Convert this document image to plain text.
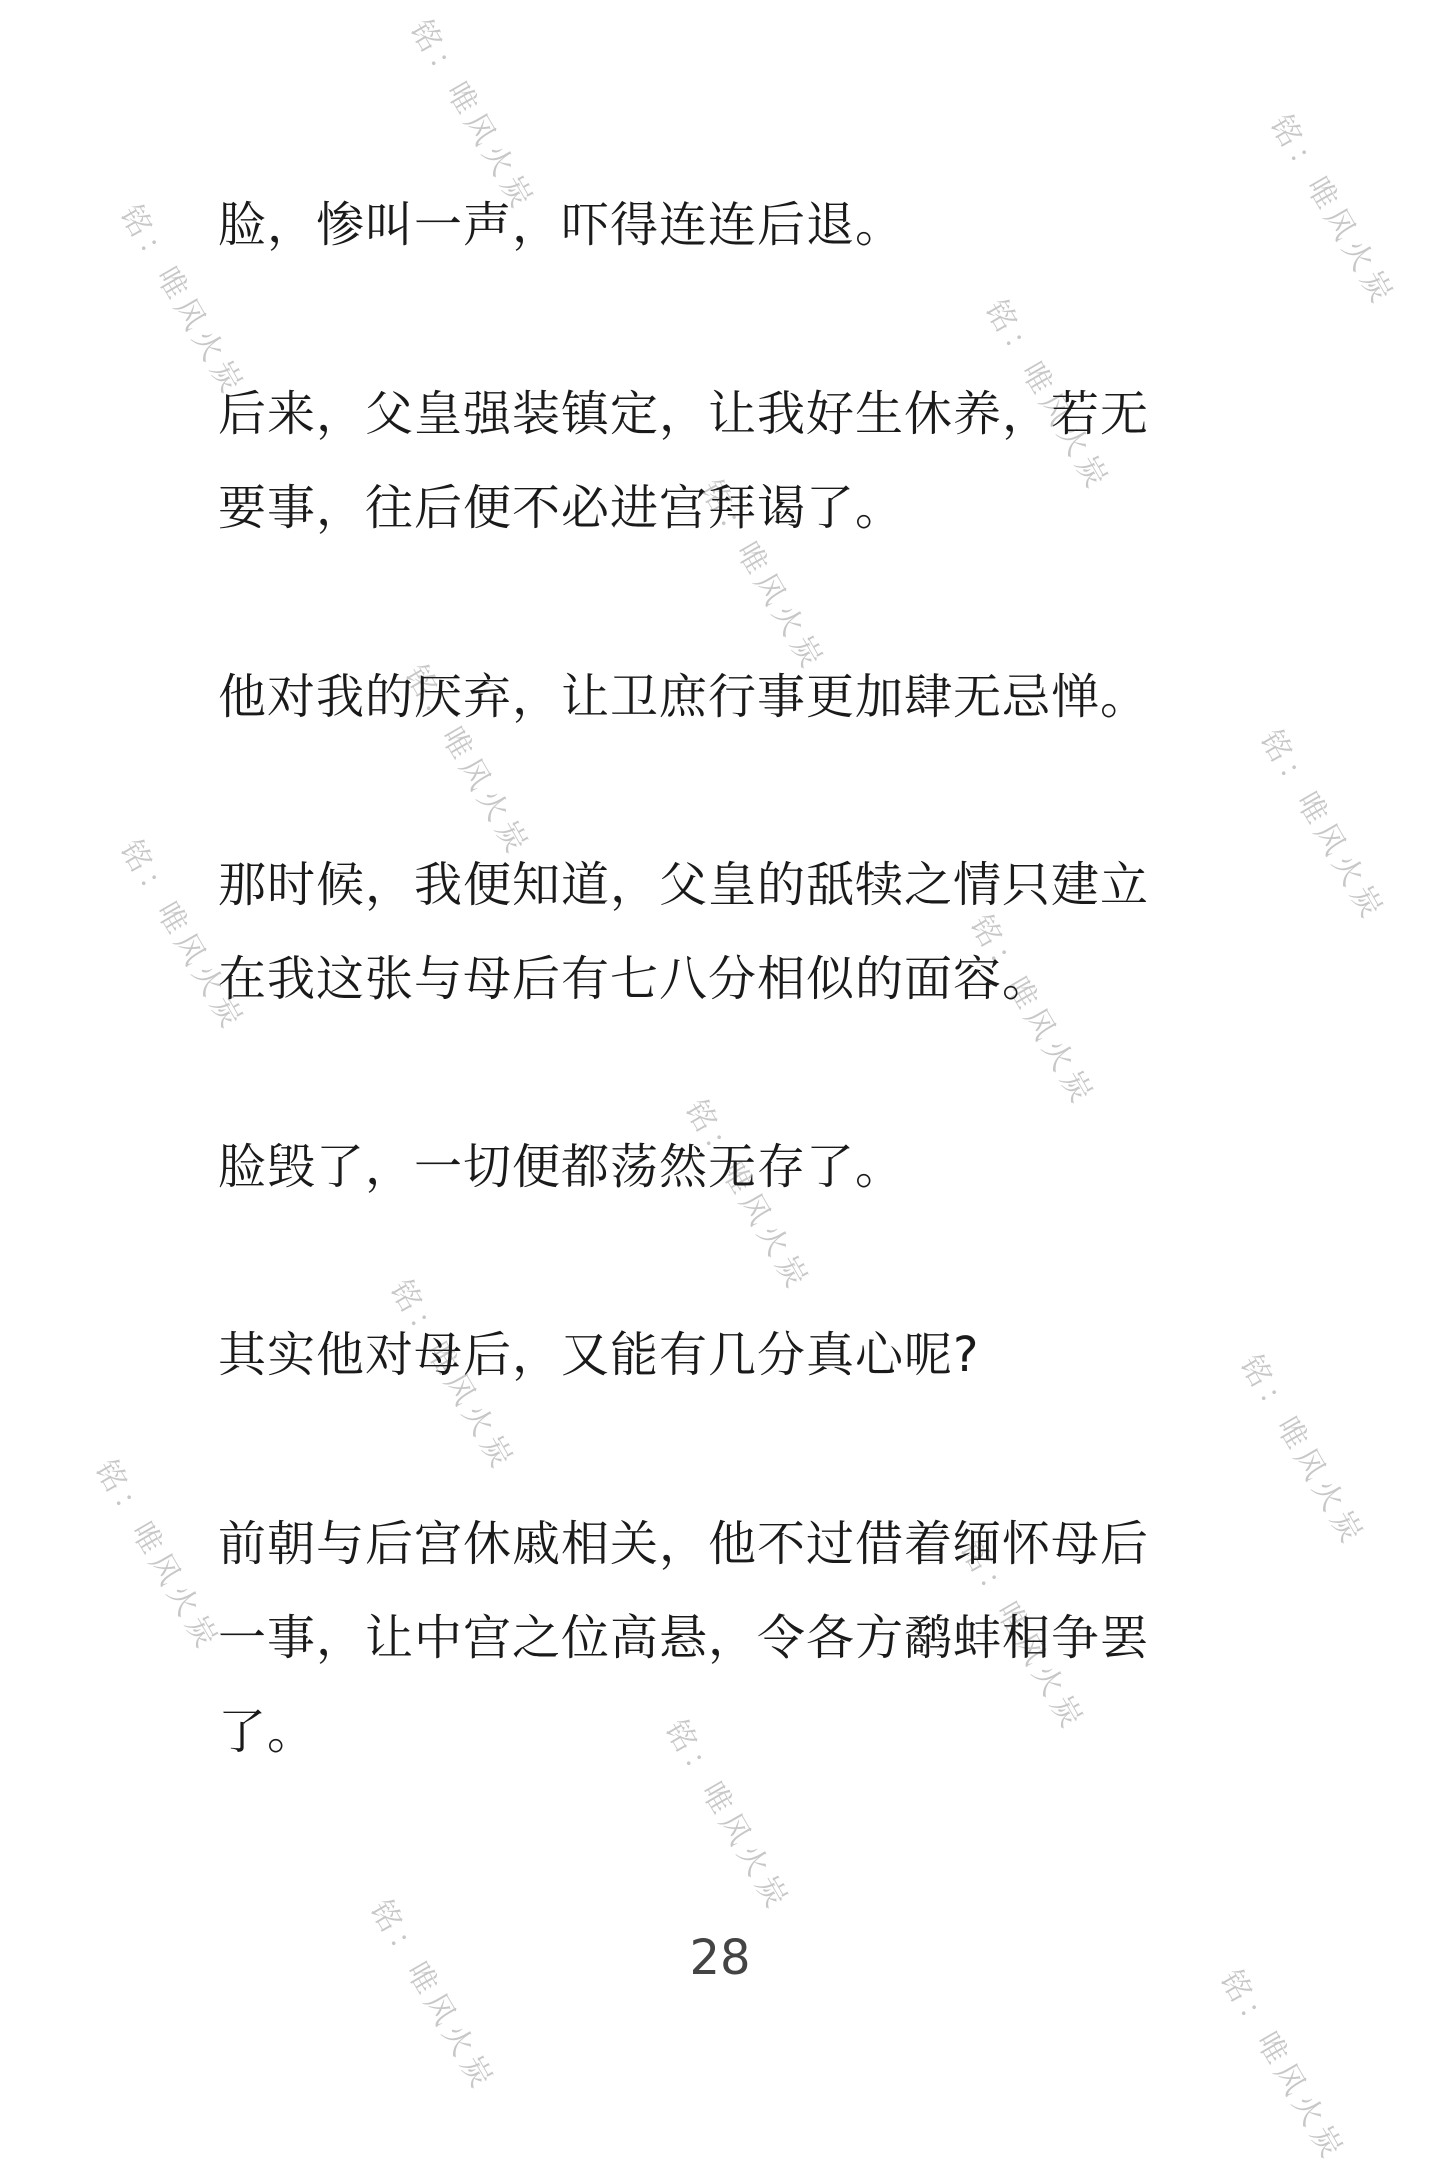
铭：唯风火炭
铭：唯风火炭	铭：唯风火炭
铭：唯风火炭
铭：唯风火炭
铭：唯风火炭	铭：唯风火炭
铭：唯风火炭	铭：唯风火炭
铭：唯风火炭
铭：唯风火炭	铭：唯风火炭
铭：唯风火炭	铭：唯风火炭
铭：唯风火炭
铭：唯风火炭	铭：唯风火炭

脸，惨叫一声，吓得连连后退。

后来，父皇强装镇定，让我好生休养，若无
要事，往后便不必进宫拜谒了。

他对我的厌弃，让卫庶行事更加肆无忌惮。

那时候，我便知道，父皇的舐犊之情只建立
在我这张与母后有七八分相似的面容。

脸毁了，一切便都荡然无存了。

其实他对母后，又能有几分真心呢?

前朝与后宫休戚相关，他不过借着缅怀母后
一事，让中宫之位高悬，令各方鹬蚌相争罢
了。

28
